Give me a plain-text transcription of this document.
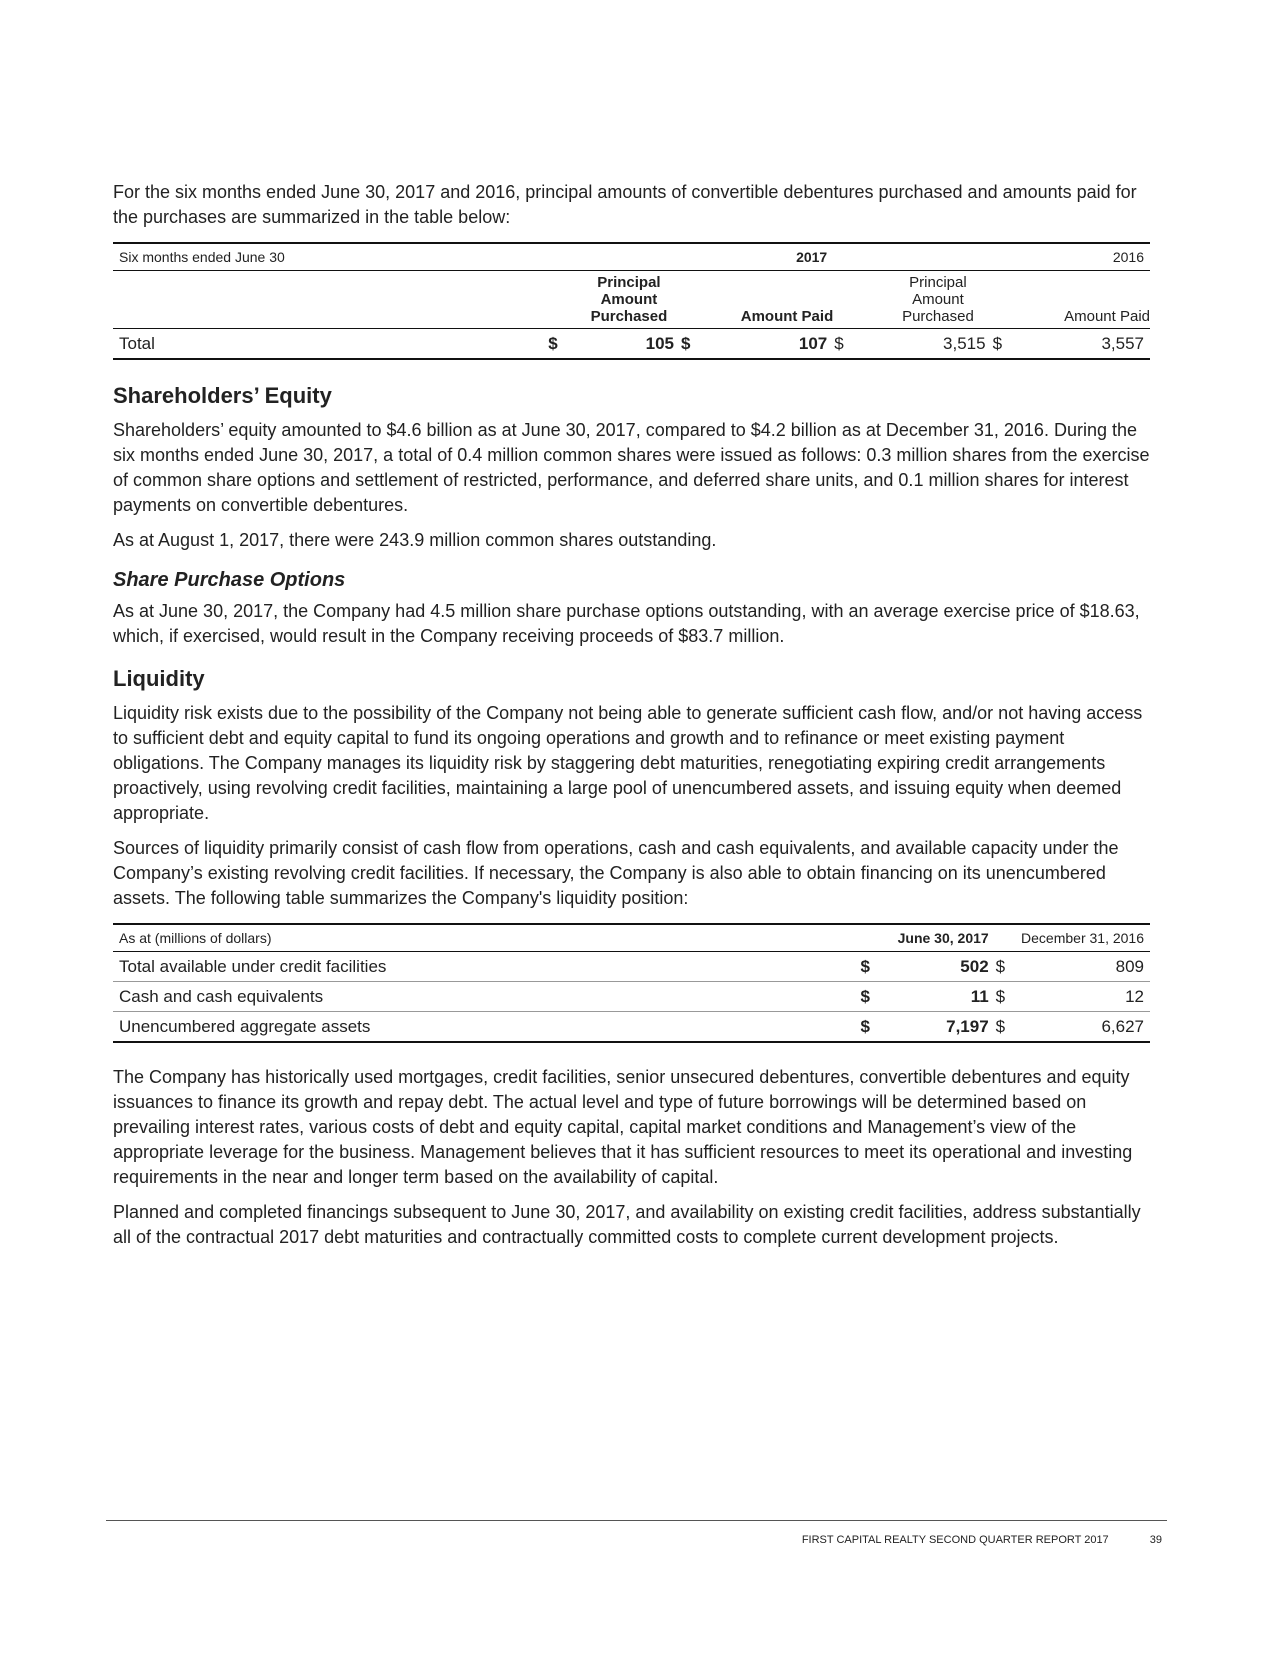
For the six months ended June 30, 2017 and 2016, principal amounts of convertible debentures purchased and amounts paid for the purchases are summarized in the table below:

Six months ended June 30			2017					2016
		Principal Amount Purchased		Amount Paid		Principal Amount Purchased		Amount Paid
Total	$	105	$	107	$	3,515	$	3,557
Shareholders’ Equity

Shareholders’ equity amounted to $4.6 billion as at June 30, 2017, compared to $4.2 billion as at December 31, 2016. During the six months ended June 30, 2017, a total of 0.4 million common shares were issued as follows: 0.3 million shares from the exercise of common share options and settlement of restricted, performance, and deferred share units, and 0.1 million shares for interest payments on convertible debentures.

As at August 1, 2017, there were 243.9 million common shares outstanding.

Share Purchase Options

As at June 30, 2017, the Company had 4.5 million share purchase options outstanding, with an average exercise price of $18.63, which, if exercised, would result in the Company receiving proceeds of $83.7 million.

Liquidity

Liquidity risk exists due to the possibility of the Company not being able to generate sufficient cash flow, and/or not having access to sufficient debt and equity capital to fund its ongoing operations and growth and to refinance or meet existing payment obligations. The Company manages its liquidity risk by staggering debt maturities, renegotiating expiring credit arrangements proactively, using revolving credit facilities, maintaining a large pool of unencumbered assets, and issuing equity when deemed appropriate.

Sources of liquidity primarily consist of cash flow from operations, cash and cash equivalents, and available capacity under the Company’s existing revolving credit facilities. If necessary, the Company is also able to obtain financing on its unencumbered assets. The following table summarizes the Company's liquidity position:

As at (millions of dollars)		June 30, 2017	December 31, 2016	
Total available under credit facilities	$	502	$	809
Cash and cash equivalents	$	11	$	12
Unencumbered aggregate assets	$	7,197	$	6,627

The Company has historically used mortgages, credit facilities, senior unsecured debentures, convertible debentures and equity issuances to finance its growth and repay debt. The actual level and type of future borrowings will be determined based on prevailing interest rates, various costs of debt and equity capital, capital market conditions and Management’s view of the appropriate leverage for the business. Management believes that it has sufficient resources to meet its operational and investing requirements in the near and longer term based on the availability of capital.

Planned and completed financings subsequent to June 30, 2017, and availability on existing credit facilities, address substantially all of the contractual 2017 debt maturities and contractually committed costs to complete current development projects.

FIRST CAPITAL REALTY SECOND QUARTER REPORT 2017	39
